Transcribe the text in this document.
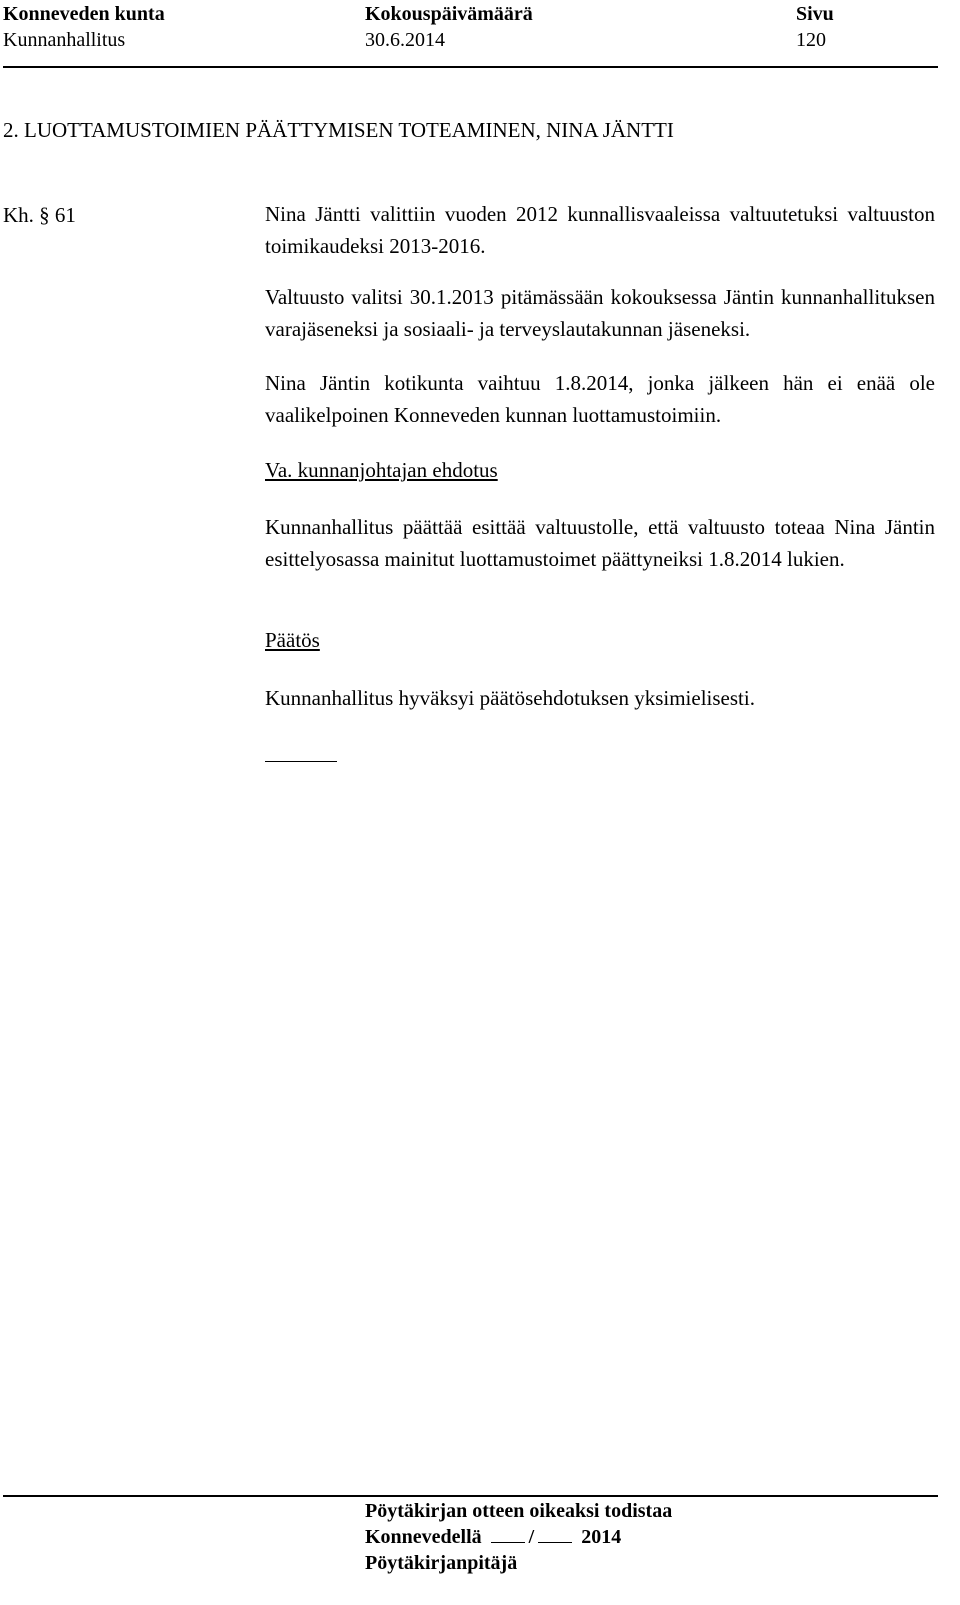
Konneveden kunta
Kunnanhallitus
Kokouspäivämäärä
30.6.2014
Sivu
120
2. LUOTTAMUSTOIMIEN PÄÄTTYMISEN TOTEAMINEN, NINA JÄNTTI
Kh. § 61	Nina Jäntti valittiin vuoden 2012 kunnallisvaaleissa valtuutetuksi valtuuston toimikaudeksi 2013-2016.

Valtuusto valitsi 30.1.2013 pitämässään kokouksessa Jäntin kunnanhallituksen varajäseneksi ja sosiaali- ja terveyslautakunnan jäseneksi.

Nina Jäntin kotikunta vaihtuu 1.8.2014, jonka jälkeen hän ei enää ole vaalikelpoinen Konneveden kunnan luottamustoimiin.

Va. kunnanjohtajan ehdotus

Kunnanhallitus päättää esittää valtuustolle, että valtuusto toteaa Nina Jäntin esittelyosassa mainitut luottamustoimet päättyneiksi 1.8.2014 lukien.

Päätös

Kunnanhallitus hyväksyi päätösehdotuksen yksimielisesti.

Pöytäkirjan otteen oikeaksi todistaa
Konnevedellä / 2014
Pöytäkirjanpitäjä
